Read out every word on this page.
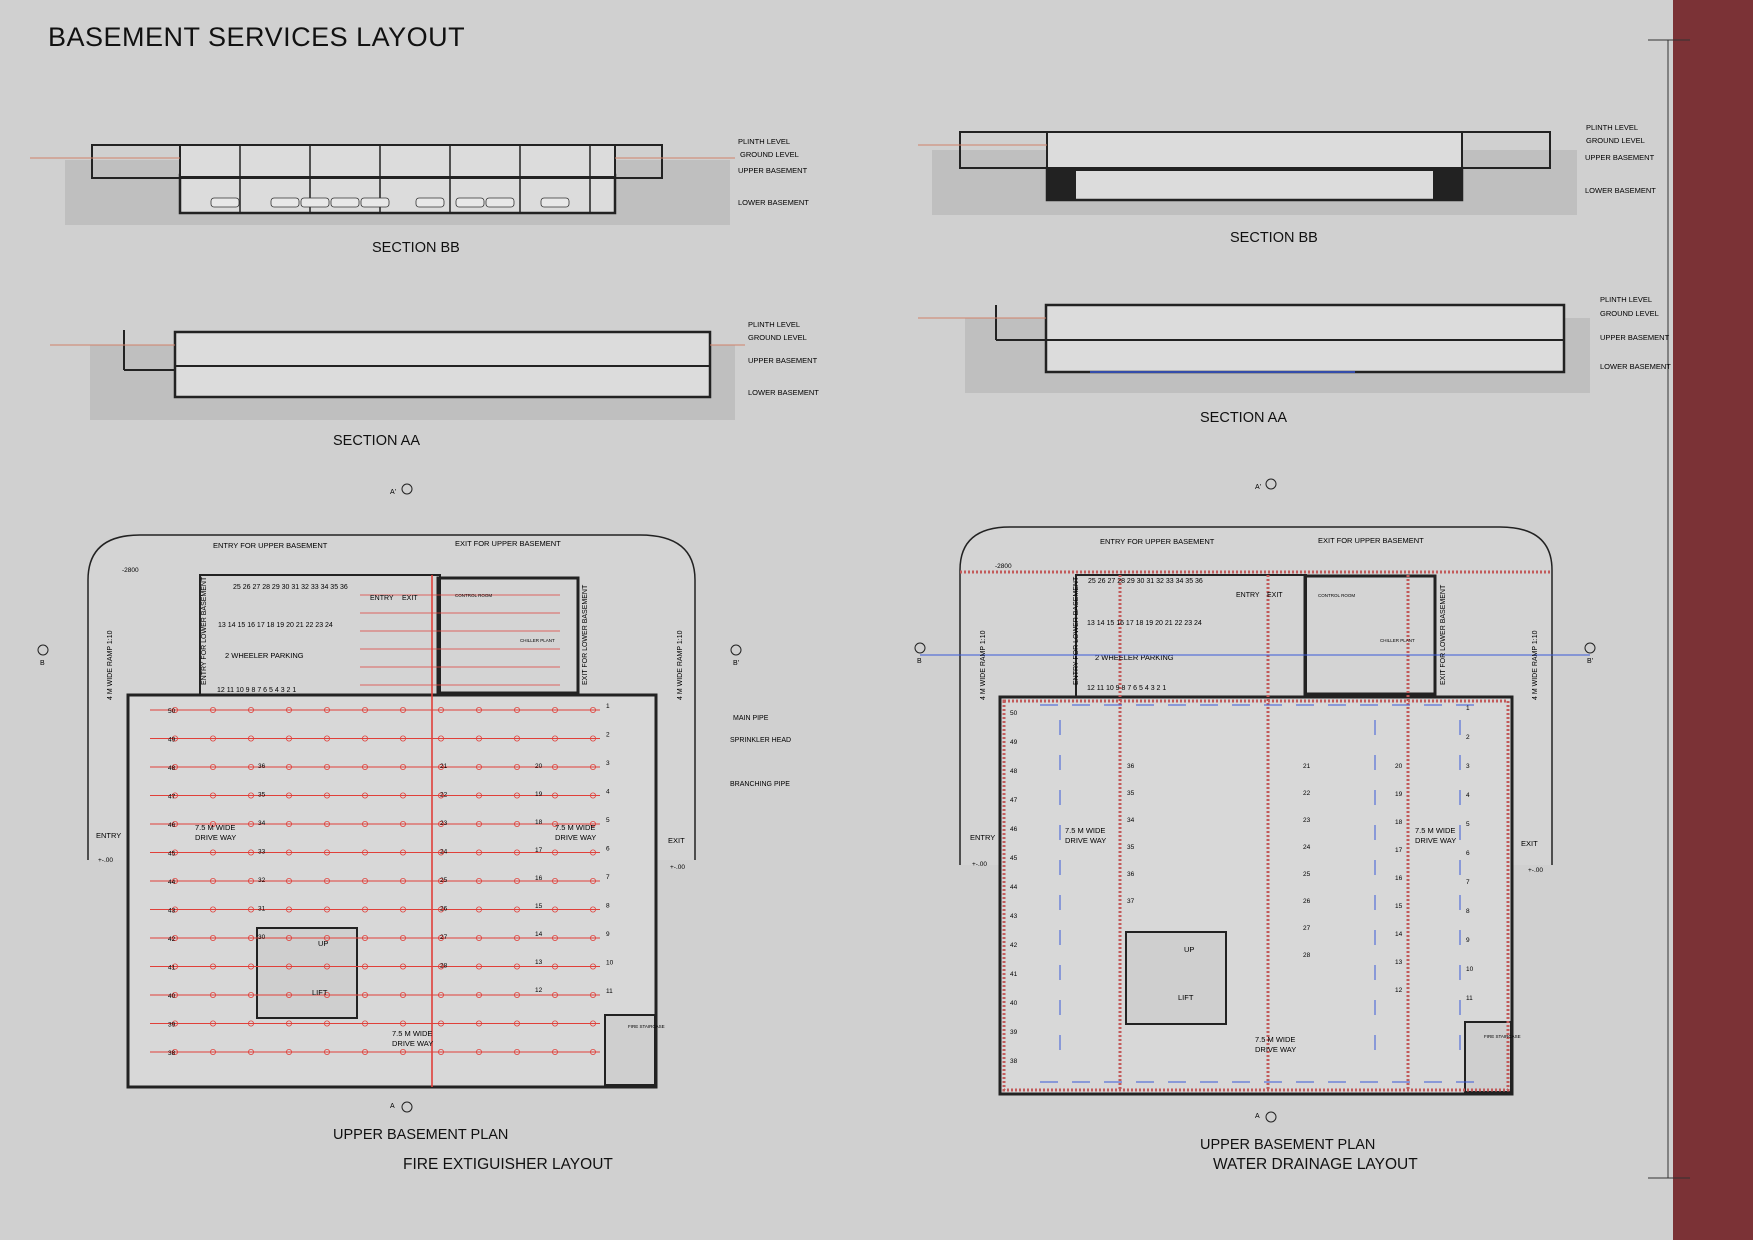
BASEMENT SERVICES LAYOUT
PLINTH LEVEL
GROUND LEVEL
UPPER BASEMENT
LOWER BASEMENT
PLINTH LEVEL
GROUND LEVEL
UPPER BASEMENT
LOWER BASEMENT
PLINTH LEVEL
GROUND LEVEL
UPPER BASEMENT
LOWER BASEMENT
PLINTH LEVEL
GROUND LEVEL
UPPER BASEMENT
LOWER BASEMENT
ENTRY FOR UPPER BASEMENT	EXIT FOR UPPER BASEMENT
2 WHEELER PARKING
25 26 27 28 29 30 31 32 33 34 35 36
13 14 15 16 17 18 19 20 21 22 23 24
12 11 10 9 8 7 6 5 4 3 2 1
7.5 M WIDE
DRIVE WAY
7.5 M WIDE
DRIVE WAY
7.5 M WIDE
DRIVE WAY
CONTROL ROOM
CHILLER PLANT
LIFT
UP
FIRE STAIRCASE
ENTRY
EXIT
ENTRY EXIT
-2800
+-.00
+-.00
MAIN PIPE
SPRINKLER HEAD
BRANCHING PIPE
A'
A
B	B'
4 M WIDE RAMP 1:10	4 M WIDE RAMP 1:10
ENTRY FOR LOWER BASEMENT	EXIT FOR LOWER BASEMENT
ENTRY FOR UPPER BASEMENT	EXIT FOR UPPER BASEMENT
2 WHEELER PARKING
25 26 27 28 29 30 31 32 33 34 35 36
13 14 15 16 17 18 19 20 21 22 23 24
12 11 10 9 8 7 6 5 4 3 2 1
7.5 M WIDE
DRIVE WAY
7.5 M WIDE
DRIVE WAY
7.5 M WIDE
DRIVE WAY
CONTROL ROOM
CHILLER PLANT
LIFT
UP
FIRE STAIRCASE
ENTRY
EXIT
ENTRY EXIT
-2800
+-.00
+-.00
A'
A
B	B'
4 M WIDE RAMP 1:10	4 M WIDE RAMP 1:10
ENTRY FOR LOWER BASEMENT	EXIT FOR LOWER BASEMENT
50
49
48
47
46
45
44
43
42
41
40
39
38
1
2
3
4
5
6
7
8
9
10
11
36
35
34
33
32
31
30
21
22
23
24
25
26
27
28
20
19
18
17
16
15
14
13
12
50
49
48
47
46
45
44
43
42
41
40
39
38
1
2
3
4
5
6
7
8
9
10
11
36
35
34
35
36
37
21
22
23
24
25
26
27
28
20
19
18
17
16
15
14
13
12
SECTION BB
SECTION AA
SECTION BB
SECTION AA
UPPER BASEMENT PLAN
FIRE EXTIGUISHER LAYOUT
UPPER BASEMENT PLAN
WATER DRAINAGE LAYOUT
